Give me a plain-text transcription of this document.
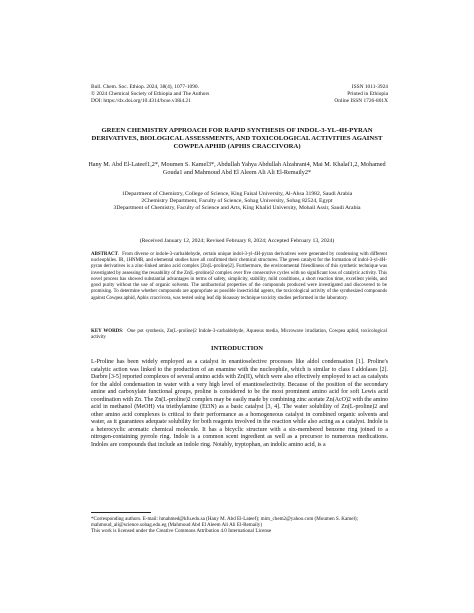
Bull. Chem. Soc. Ethiop. 2024, 38(4), 1077-1090.	ISSN 1011-3924
© 2024 Chemical Society of Ethiopia and The Authors	Printed in Ethiopia
DOI: https://dx.doi.org/10.4314/bcse.v38i4.21	Online ISSN 1726-801X
GREEN CHEMISTRY APPROACH FOR RAPID SYNTHESIS OF INDOL-3-YL-4H-PYRAN DERIVATIVES, BIOLOGICAL ASSESSMENTS, AND TOXICOLOGICAL ACTIVITIES AGAINST COWPEA APHID (APHIS CRACCIVORA)
Hany M. Abd El-Lateef1,2*, Moumen S. Kamel3*, Abdullah Yahya Abdullah Alzahrani4, Mai M. Khalaf1,2, Mohamed Gouda1 and Mahmoud Abd El Aleem Ali Ali El-Remaily2*

1Department of Chemistry, College of Science, King Faisal University, Al-Ahsa 31982, Saudi Arabia

2Chemistry Department, Faculty of Science, Sohag University, Sohag 82524, Egypt

3Department of Chemistry, Faculty of Science and Arts, King Khalid University, Mohail Assir, Saudi Arabia

(Received January 12, 2024; Revised February 8, 2024; Accepted February 13, 2024)
ABSTRACT.  From diverse or indole-3-carbaldehyde, certain unique indol-3-yl-4H-pyran derivatives were generated by condensing with different nucleophiles. IR, 1HNMR, and elemental studies have all confirmed their chemical structures. The green catalyst for the formation of indol-3-yl-4H-pyran derivatives is a zinc-linked amino acid complex [Zn(L-proline)2]. Furthermore, the environmental friendliness of this synthetic technique was investigated by assessing the reusability of the Zn(L-proline)2 complex over five consecutive cycles with no significant loss of catalytic activity. This novel process has showed substantial advantages in terms of safety, simplicity, stability, mild conditions, a short reaction time, excellent yields, and good purity without the use of organic solvents. The antibacterial properties of the compounds produced were investigated and discovered to be promising. To determine whether compounds are appropriate as possible insecticidal agents, the toxicological activity of the synthesized compounds against Cowpea aphid, Aphis craccivora, was tested using leaf dip bioassay technique toxicity studies performed in the laboratory.
KEY WORDS:  One pot synthesis, Zn(L-proline)2 Indole-3-carbaldehyde, Aqueous media, Microwave irradiation, Cowpea aphid, toxicological activity
INTRODUCTION
L-Proline has been widely employed as a catalyst in enantioselective processes like aldol condensation [1]. Proline's catalytic action was linked to the production of an enamine with the nucleophile, which is similar to class I aldolases [2]. Darbre [3-5] reported complexes of several amino acids with Zn(II), which were also effectively employed to act as catalysts for the aldol condensation in water with a very high level of enantioselectivity. Because of the position of the secondary amine and carboxylate functional groups, proline is considered to be the most prominent amino acid for soft Lewis acid coordination with Zn. The Zn(L-proline)2 complex may be easily made by combining zinc acetate Zn(AcO)2 with the amino acid in methanol (MeOH) via triethylamine (Et3N) as a basic catalyst [3, 4]. The water solubility of Zn(L-proline)2 and other amino acid complexes is critical to their performance as a homogeneous catalyst in combined organic solvents and water, as it guarantees adequate solubility for both reagents involved in the reaction while also acting as a catalyst. Indole is a heterocyclic aromatic chemical molecule. It has a bicyclic structure with a six-membered benzene ring joined to a nitrogen-containing pyrrole ring. Indole is a common scent ingredient as well as a precursor to numerous medications. Indoles are compounds that include an indole ring. Notably, tryptophan, an indolic amino acid, is a

*Corresponding authors. E-mail: hmahmed@kfu.edu.sa (Hany M. Abd El-Lateef); mim_chem2@yahoo.com (Moumen S. Kamel); mahmoud_ali@science.sohag.edu.eg (Mahmoud Abd El Aleem Ali Ali El-Remaily)

This work is licensed under the Creative Commons Attribution 4.0 International License
